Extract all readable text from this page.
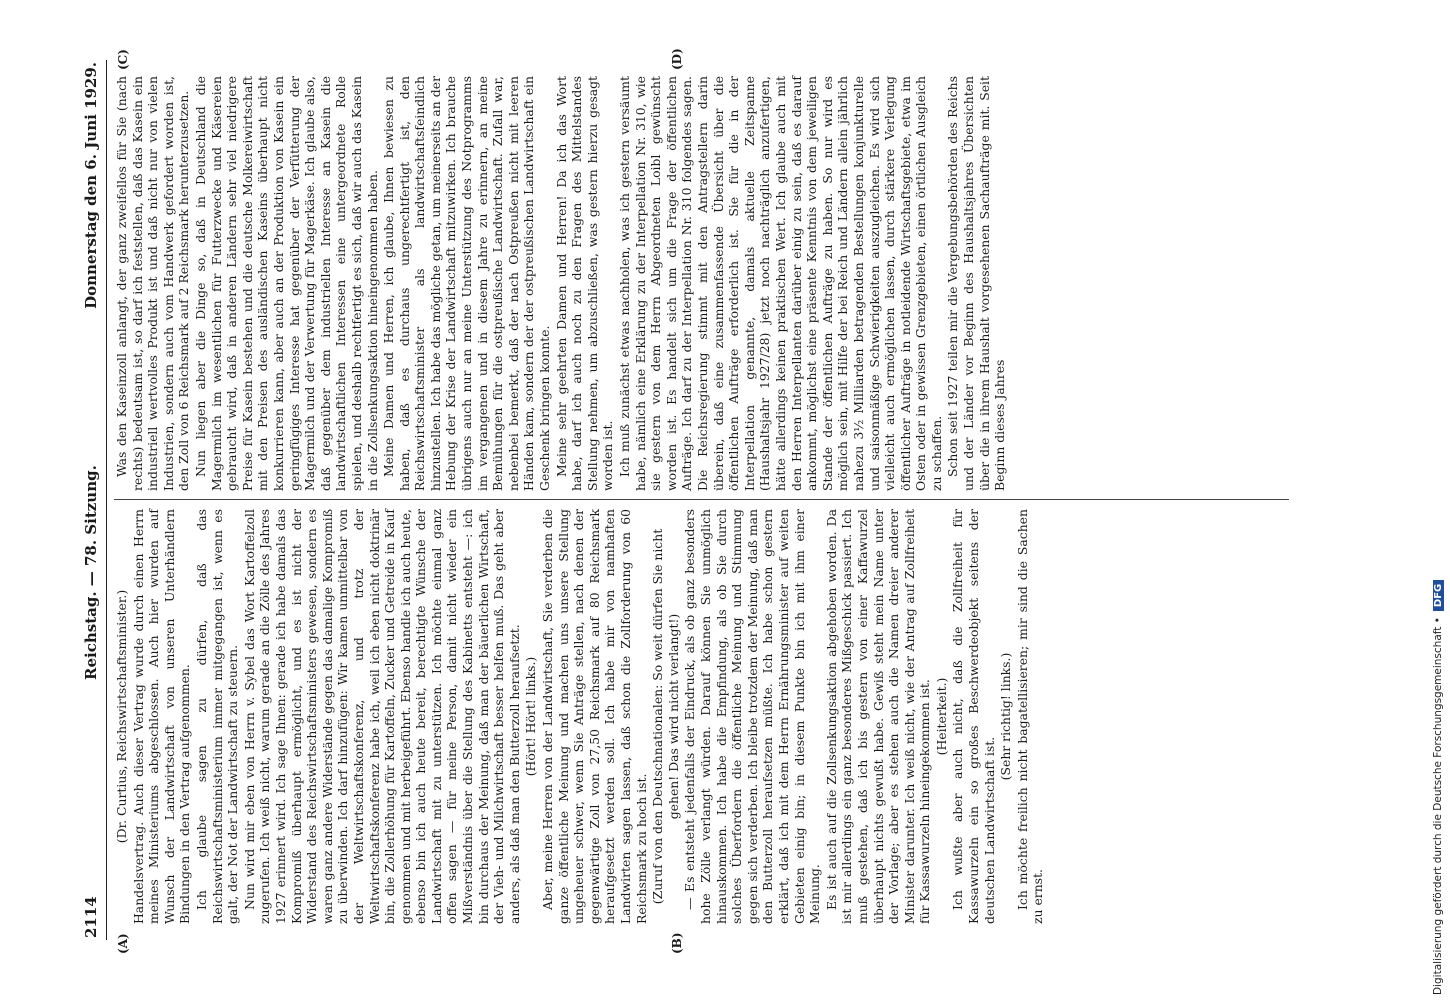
2114
Reichstag. — 78. Sitzung.
Donnerstag den 6. Juni 1929.
(A)	(B)
(C)	(D)

(Dr. Curtius, Reichswirtschaftsminister.) Handelsvertrag. Auch dieser Vertrag wurde durch einen Herrn meines Ministeriums abgeschlossen. Auch hier wurden auf Wunsch der Landwirtschaft von unseren Unterhändlern Bindungen in den Vertrag aufgenommen. Ich glaube sagen zu dürfen, daß das Reichswirtschaftsministerium immer mitgegangen ist, wenn es galt, der Not der Landwirtschaft zu steuern. Nun wird mir eben von Herrn v. Sybel das Wort Kartoffelzoll zugerufen. Ich weiß nicht, warum gerade an die Zölle des Jahres 1927 erinnert wird. Ich sage Ihnen: gerade ich habe damals das Kompromiß überhaupt ermöglicht, und es ist nicht der Widerstand des Reichswirtschaftsministers gewesen, sondern es waren ganz andere Widerstände gegen das damalige Kompromiß zu überwinden. Ich darf hinzufügen: Wir kamen unmittelbar von der Weltwirtschaftskonferenz, und trotz der Weltwirtschaftskonferenz habe ich, weil ich eben nicht doktrinär bin, die Zollerhöhung für Kartoffeln, Zucker und Getreide in Kauf genommen und mit herbeigeführt. Ebenso handle ich auch heute, ebenso bin ich auch heute bereit, berechtigte Wünsche der Landwirtschaft mit zu unterstützen. Ich möchte einmal ganz offen sagen — für meine Person, damit nicht wieder ein Mißverständnis über die Stellung des Kabinetts entsteht —: ich bin durchaus der Meinung, daß man der bäuerlichen Wirtschaft, der Vieh- und Milchwirtschaft besser helfen muß. Das geht aber anders, als daß man den Butterzoll heraufsetzt. (Hört! Hört! links.) Aber, meine Herren von der Landwirtschaft, Sie verderben die ganze öffentliche Meinung und machen uns unsere Stellung ungeheuer schwer, wenn Sie Anträge stellen, nach denen der gegenwärtige Zoll von 27,50 Reichsmark auf 80 Reichsmark heraufgesetzt werden soll. Ich habe mir von namhaften Landwirten sagen lassen, daß schon die Zollforderung von 60 Reichsmark zu hoch ist. (Zuruf von den Deutschnationalen: So weit dürfen Sie nicht gehen! Das wird nicht verlangt!) — Es entsteht jedenfalls der Eindruck, als ob ganz besonders hohe Zölle verlangt würden. Darauf können Sie unmöglich hinauskommen. Ich habe die Empfindung, als ob Sie durch solches Überfordern die öffentliche Meinung und Stimmung gegen sich verderben. Ich bleibe trotzdem der Meinung, daß man den Butterzoll heraufsetzen müßte. Ich habe schon gestern erklärt, daß ich mit dem Herrn Ernährungsminister auf weiten Gebieten einig bin; in diesem Punkte bin ich mit ihm einer Meinung. Es ist auch auf die Zollsenkungsaktion abgehoben worden. Da ist mir allerdings ein ganz besonderes Mißgeschick passiert. Ich muß gestehen, daß ich bis gestern von einer Kaffawurzel überhaupt nichts gewußt habe. Gewiß steht mein Name unter der Vorlage; aber es stehen auch die Namen dreier anderer Minister darunter. Ich weiß nicht, wie der Antrag auf Zollfreiheit für Kassawurzeln hineingekommen ist. (Heiterkeit.) Ich wußte aber auch nicht, daß die Zollfreiheit für Kassawurzeln ein so großes Beschwerdeobjekt seitens der deutschen Landwirtschaft ist.

(Sehr richtig! links.) Ich möchte freilich nicht bagatellisieren; mir sind die Sachen zu ernst.

Was den Kaseinzoll anlangt, der ganz zweifellos für Sie (nach rechts) bedeutsam ist, so darf ich feststellen, daß das Kasein ein industriell wertvolles Produkt ist und daß nicht nur von vielen Industrien, sondern auch vom Handwerk gefordert worden ist, den Zoll von 6 Reichsmark auf 2 Reichsmark herunterzusetzen. Nun liegen aber die Dinge so, daß in Deutschland die Magermilch im wesentlichen für Futterzwecke und Käsereien gebraucht wird, daß in anderen Ländern sehr viel niedrigere Preise für Kasein bestehen und die deutsche Molkereiwirtschaft mit den Preisen des ausländischen Kaseins überhaupt nicht konkurrieren kann, aber auch an der Produktion von Kasein ein geringfügiges Interesse hat gegenüber der Verfütterung der Magermilch und der Verwertung für Magerkäse. Ich glaube also, daß gegenüber dem industriellen Interesse an Kasein die landwirtschaftlichen Interessen eine untergeordnete Rolle spielen, und deshalb rechtfertigt es sich, daß wir auch das Kasein in die Zollsenkungsaktion hineingenommen haben. Meine Damen und Herren, ich glaube, Ihnen bewiesen zu haben, daß es durchaus ungerechtfertigt ist, den Reichswirtschaftsminister als landwirtschaftsfeindlich hinzustellen. Ich habe das mögliche getan, um meinerseits an der Hebung der Krise der Landwirtschaft mitzuwirken. Ich brauche übrigens auch nur an meine Unterstützung des Notprogramms im vergangenen und in diesem Jahre zu erinnern, an meine Bemühungen für die ostpreußische Landwirtschaft. Zufall war, nebenbei bemerkt, daß der nach Ostpreußen nicht mit leeren Händen kam, sondern der der ostpreußischen Landwirtschaft ein Geschenk bringen konnte. Meine sehr geehrten Damen und Herren! Da ich das Wort habe, darf ich auch noch zu den Fragen des Mittelstandes Stellung nehmen, um abzuschließen, was gestern hierzu gesagt worden ist. Ich muß zunächst etwas nachholen, was ich gestern versäumt habe, nämlich eine Erklärung zu der Interpellation Nr. 310, wie sie gestern von dem Herrn Abgeordneten Loibl gewünscht worden ist. Es handelt sich um die Frage der öffentlichen Aufträge. Ich darf zu der Interpellation Nr. 310 folgendes sagen. Die Reichsregierung stimmt mit den Antragstellern darin überein, daß eine zusammenfassende Übersicht über die öffentlichen Aufträge erforderlich ist. Sie für die in der Interpellation genannte, damals aktuelle Zeitspanne (Haushaltsjahr 1927/28) jetzt noch nachträglich anzufertigen, hätte allerdings keinen praktischen Wert. Ich glaube auch mit den Herren Interpellanten darüber einig zu sein, daß es darauf ankommt, möglichst eine präsente Kenntnis von dem jeweiligen Stande der öffentlichen Aufträge zu haben. So nur wird es möglich sein, mit Hilfe der bei Reich und Ländern allein jährlich nahezu 3½ Milliarden betragenden Bestellungen konjunkturelle und saisonmäßige Schwierigkeiten auszugleichen. Es wird sich vielleicht auch ermöglichen lassen, durch stärkere Verlegung öffentlicher Aufträge in notleidende Wirtschaftsgebiete, etwa im Osten oder in gewissen Grenzgebieten, einen örtlichen Ausgleich zu schaffen. Schon seit 1927 teilen mir die Vergebungsbehörden des Reichs und der Länder vor Beginn des Haushaltsjahres Übersichten über die in ihrem Haushalt vorgesehenen Sachaufträge mit. Seit Beginn dieses Jahres

Digitalisierung gefördert durch die Deutsche Forschungsgemeinschaft •DFG
